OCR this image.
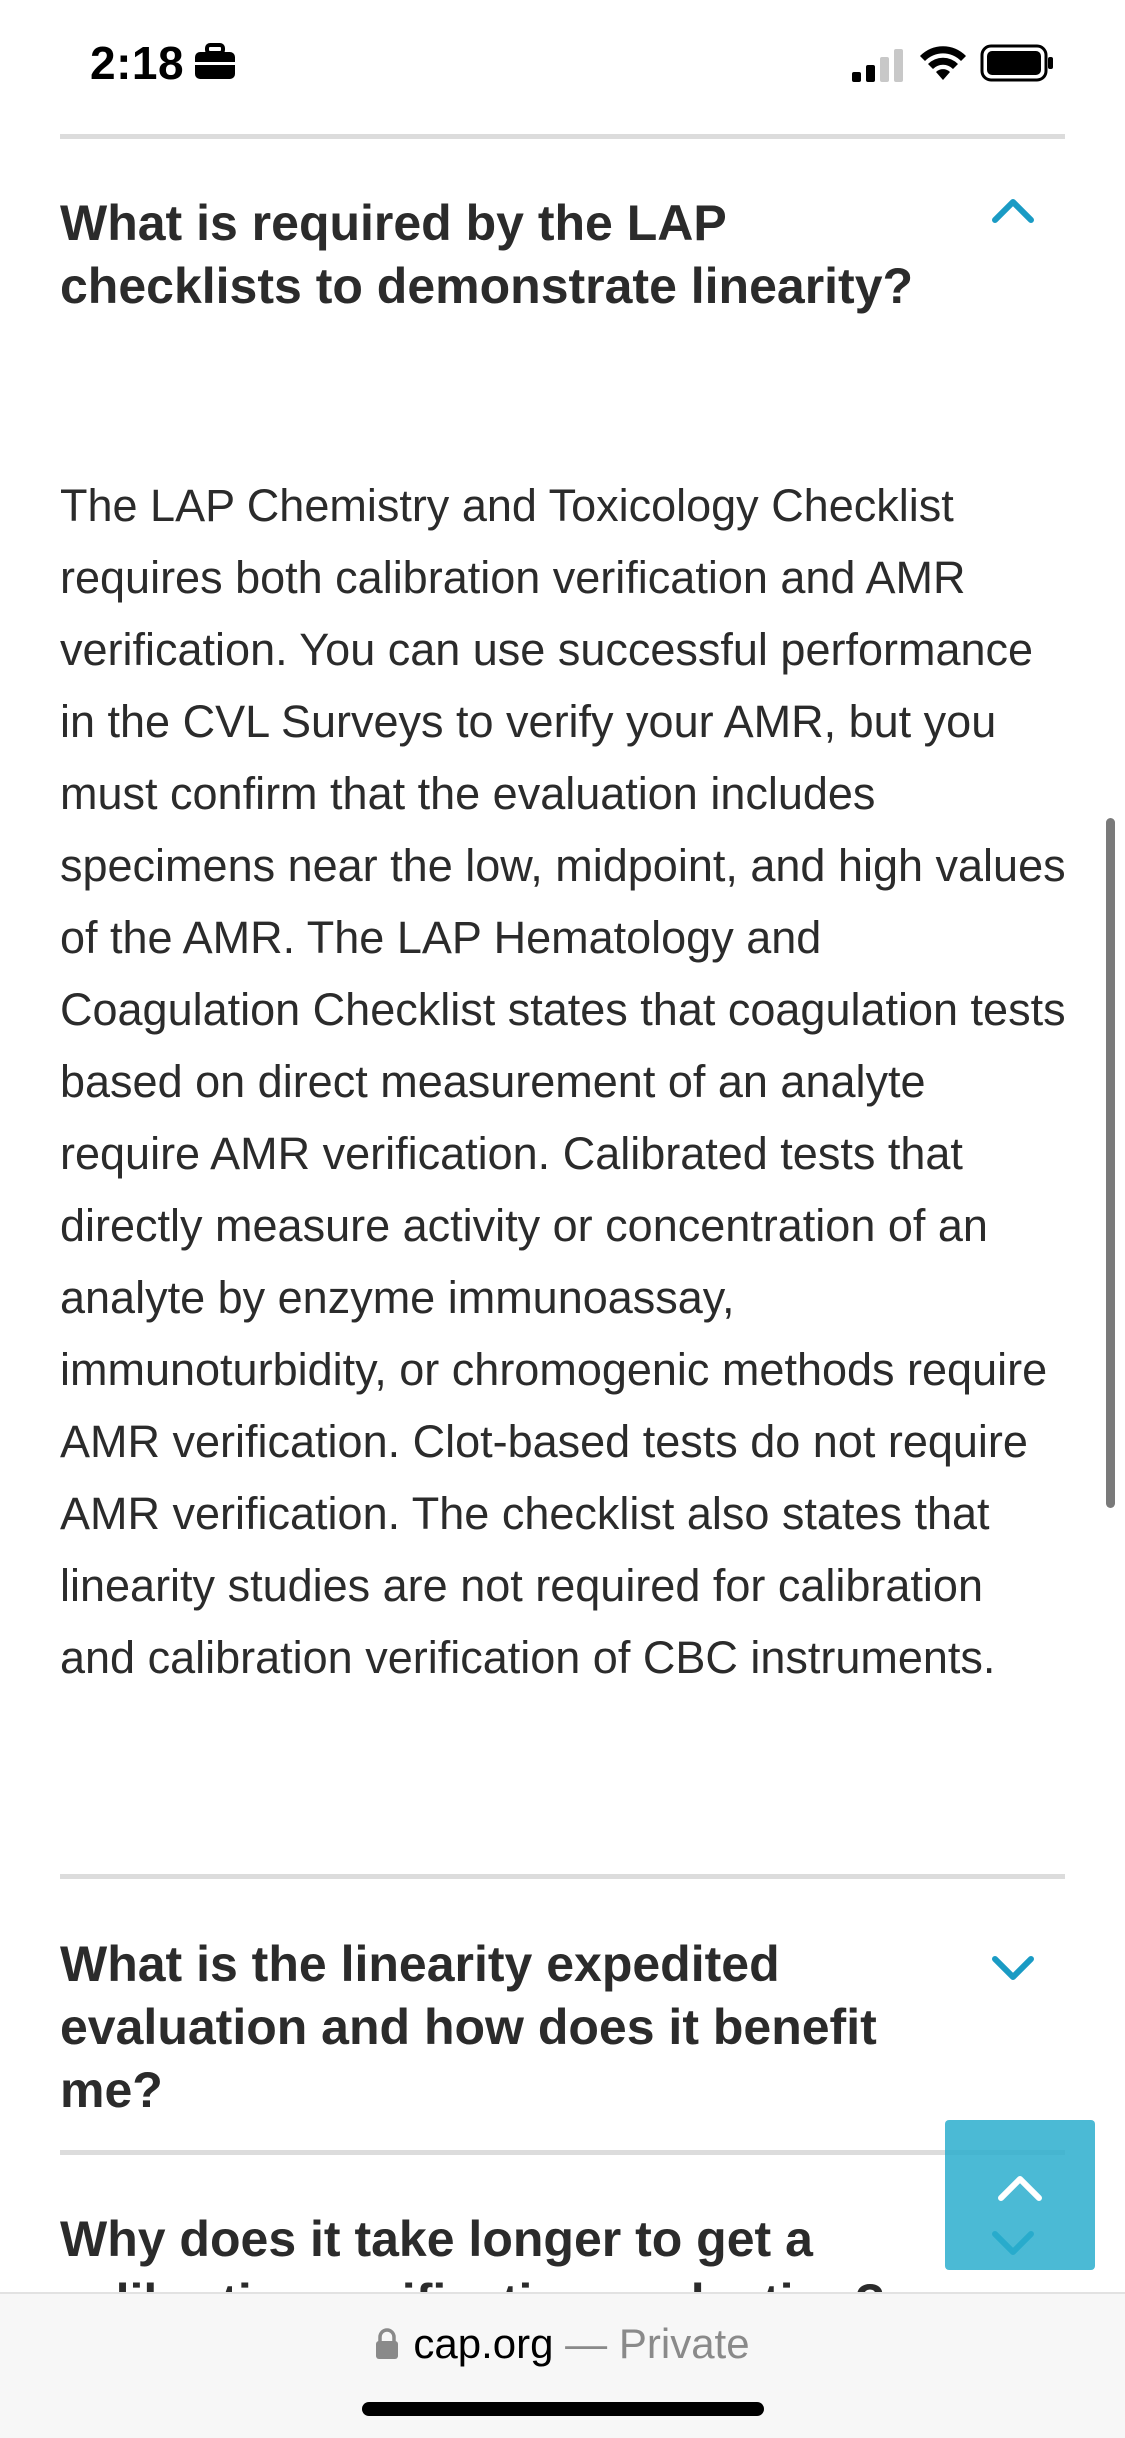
2:18
What is required by the LAP checklists to demonstrate linearity?

The LAP Chemistry and Toxicology Checklist requires both calibration verification and AMR verification. You can use successful performance in the CVL Surveys to verify your AMR, but you must confirm that the evaluation includes specimens near the low, midpoint, and high values of the AMR. The LAP Hematology and Coagulation Checklist states that coagulation tests based on direct measurement of an analyte require AMR verification. Calibrated tests that directly measure activity or concentration of an analyte by enzyme immunoassay, immunoturbidity, or chromogenic methods require AMR verification. Clot-based tests do not require AMR verification. The checklist also states that linearity studies are not required for calibration and calibration verification of CBC instruments.

What is the linearity expedited evaluation and how does it benefit me?
Why does it take longer to get a
cap.org — Private
